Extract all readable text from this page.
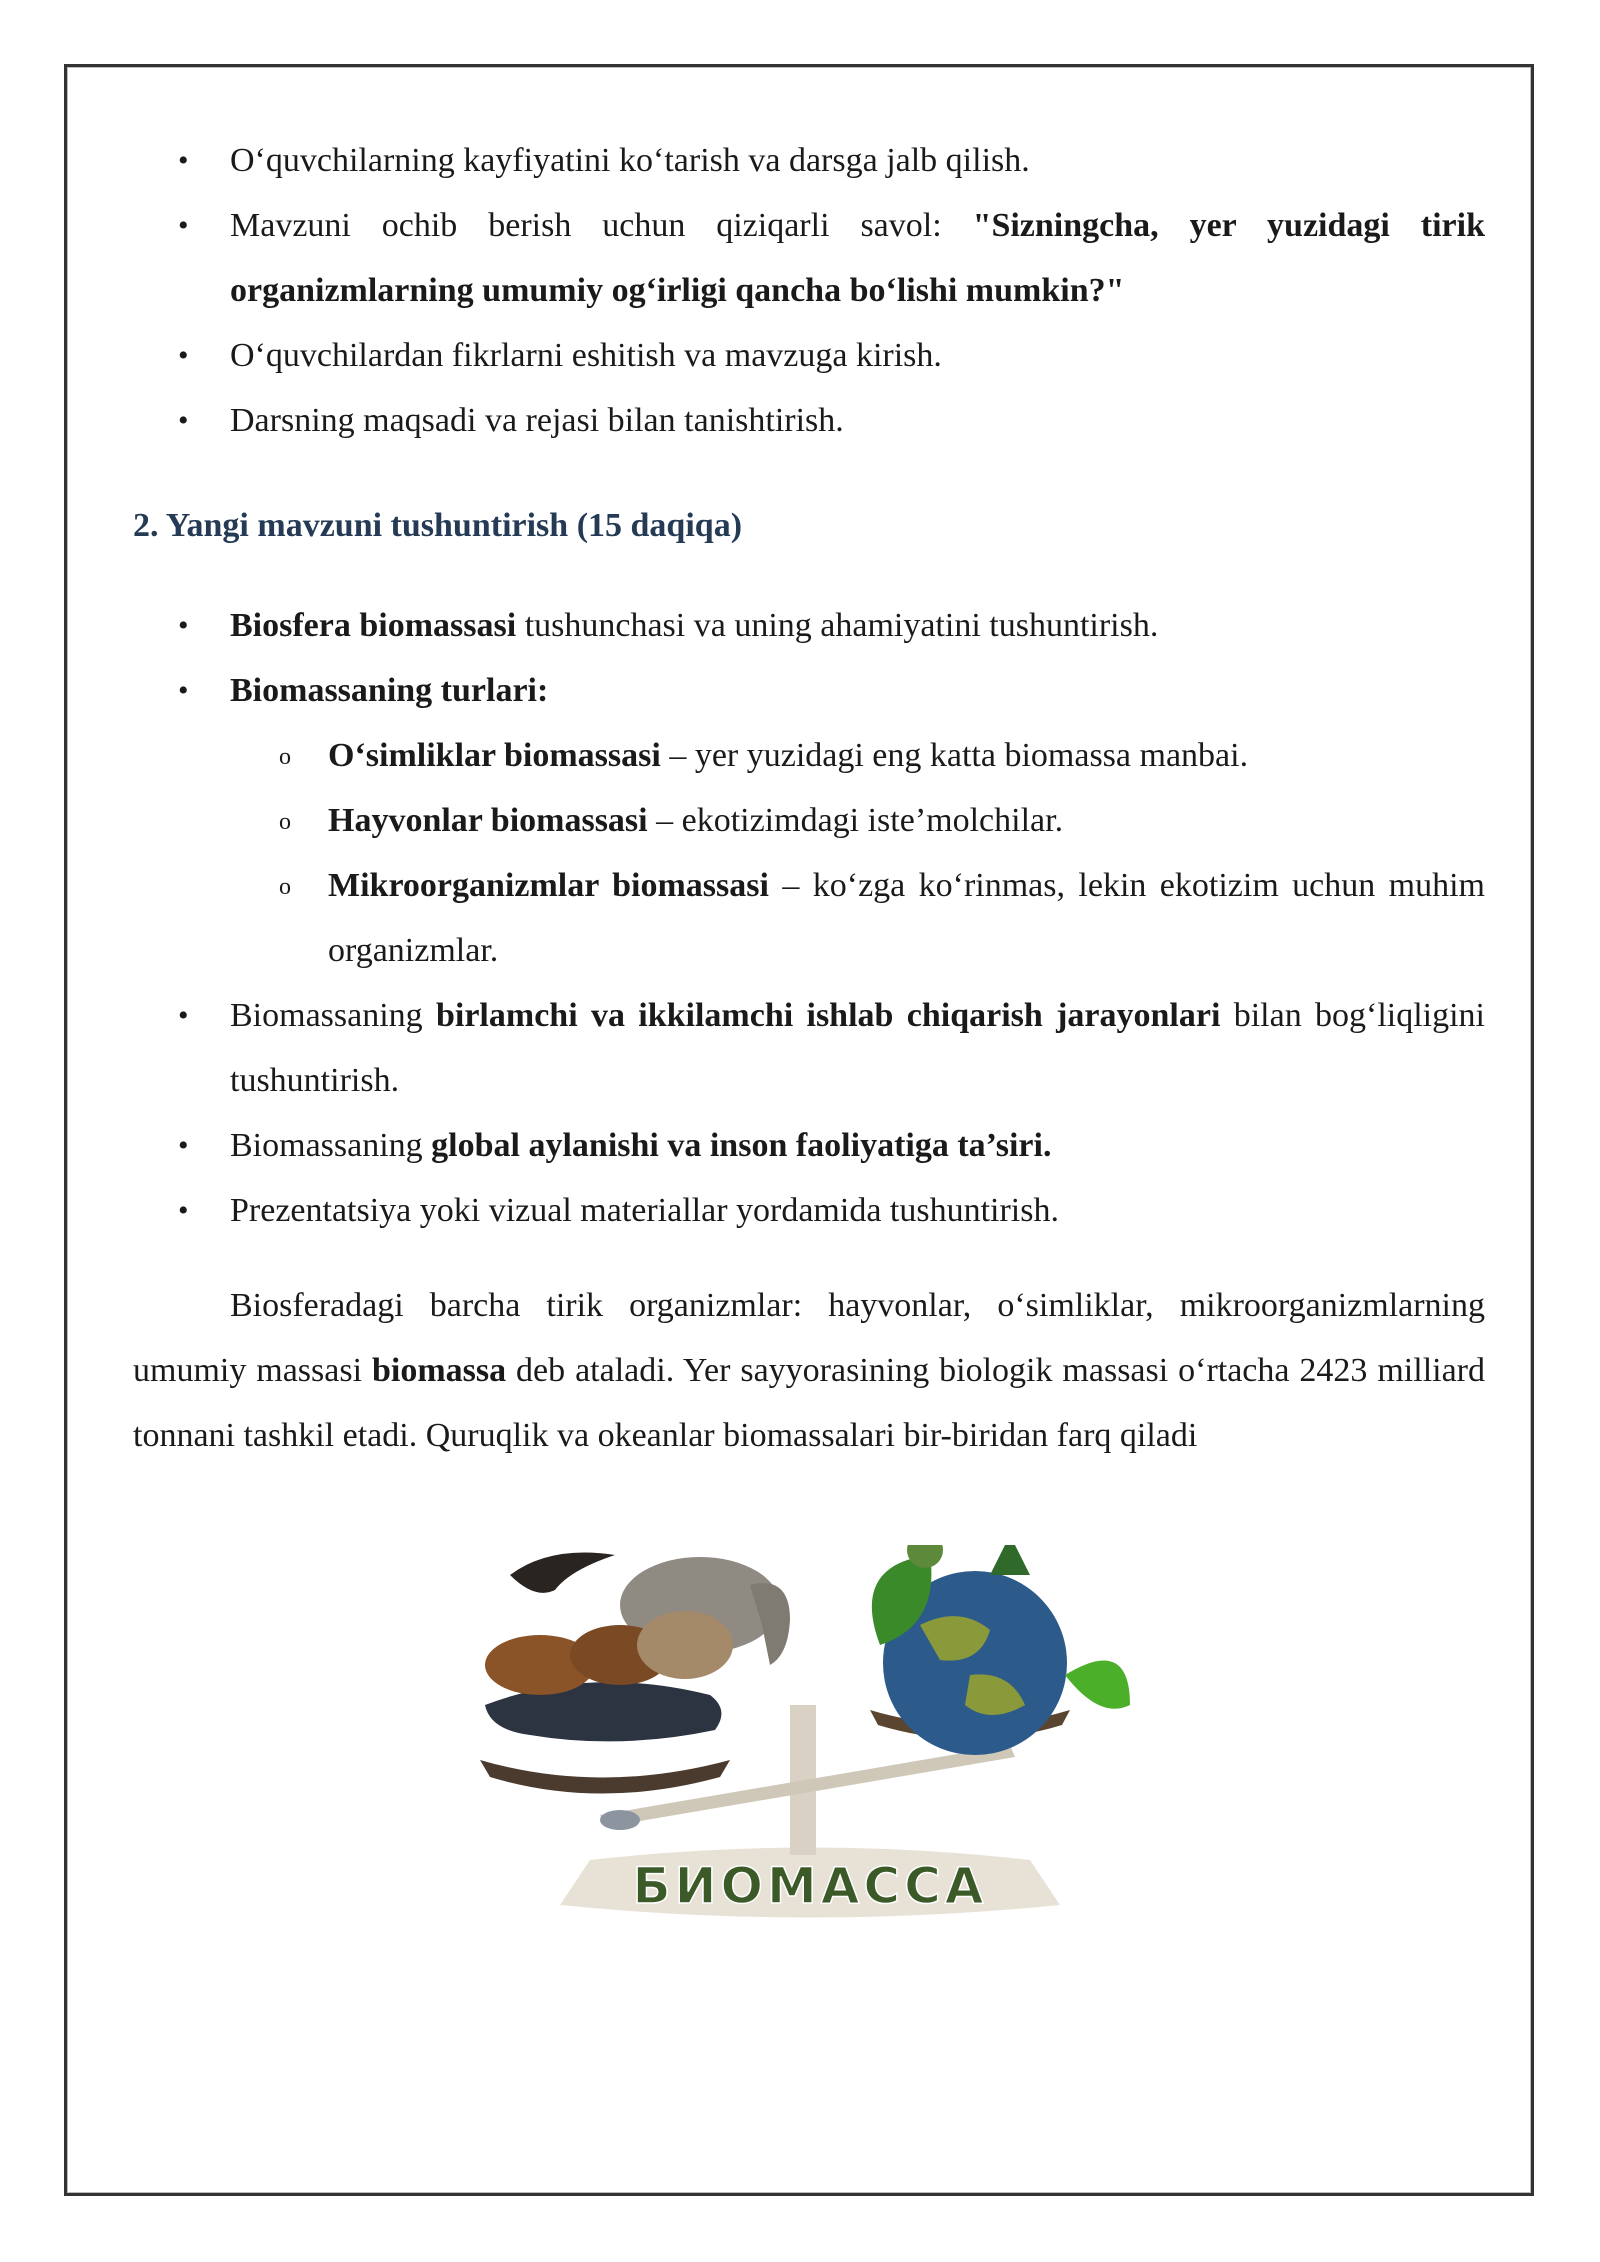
• O‘quvchilarning kayfiyatini ko‘tarish va darsga jalb qilish.
• Mavzuni ochib berish uchun qiziqarli savol: "Sizningcha, yer yuzidagi tirik organizmlarning umumiy og‘irligi qancha bo‘lishi mumkin?"
• O‘quvchilardan fikrlarni eshitish va mavzuga kirish.
• Darsning maqsadi va rejasi bilan tanishtirish.
2. Yangi mavzuni tushuntirish (15 daqiqa)
• Biosfera biomassasi tushunchasi va uning ahamiyatini tushuntirish.
• Biomassaning turlari:
o O‘simliklar biomassasi – yer yuzidagi eng katta biomassa manbai.
o Hayvonlar biomassasi – ekotizimdagi iste’molchilar.
o Mikroorganizmlar biomassasi – ko‘zga ko‘rinmas, lekin ekotizim uchun muhim organizmlar.
• Biomassaning birlamchi va ikkilamchi ishlab chiqarish jarayonlari bilan bog‘liqligini tushuntirish.
• Biomassaning global aylanishi va inson faoliyatiga ta’siri.
• Prezentatsiya yoki vizual materiallar yordamida tushuntirish.

Biosferadagi barcha tirik organizmlar: hayvonlar, o‘simliklar, mikroorganizmlarning umumiy massasi biomassa deb ataladi. Yer sayyorasining biologik massasi o‘rtacha 2423 milliard tonnani tashkil etadi. Quruqlik va okeanlar biomassalari bir-biridan farq qiladi

БИОМАССА
